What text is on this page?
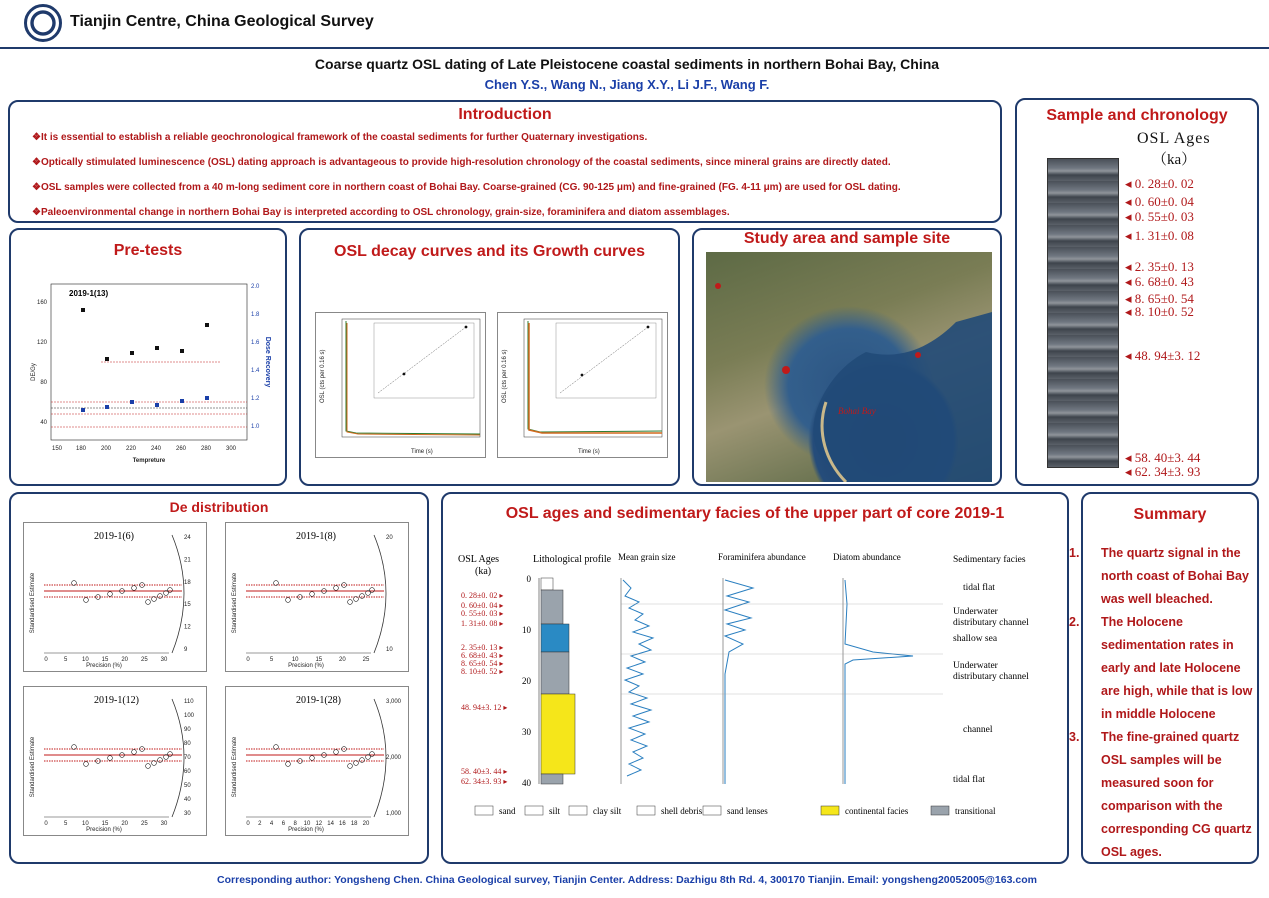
Tianjin Centre, China Geological Survey
Coarse quartz OSL dating of Late Pleistocene coastal sediments in northern Bohai Bay, China
Chen Y.S., Wang N., Jiang X.Y., Li J.F., Wang F.
Introduction
❖It is essential to establish a reliable geochronological framework of the coastal sediments for further Quaternary investigations.
❖Optically stimulated luminescence (OSL) dating approach is advantageous to provide high-resolution chronology of the coastal sediments, since mineral grains are directly dated.
❖OSL samples were collected from a 40 m-long sediment core in northern coast of Bohai Bay. Coarse-grained (CG. 90-125 μm) and fine-grained (FG. 4-11 μm) are used for OSL dating.
❖Paleoenvironmental change in northern Bohai Bay is interpreted according to OSL chronology, grain-size, foraminifera and diatom assemblages.
Sample and chronology
OSL Ages
（ka）
◂ 0. 28±0. 02
◂ 0. 60±0. 04
◂ 0. 55±0. 03
◂ 1. 31±0. 08
◂ 2. 35±0. 13
◂ 6. 68±0. 43
◂ 8. 65±0. 54
◂ 8. 10±0. 52
◂ 48. 94±3. 12
◂ 58. 40±3. 44
◂ 62. 34±3. 93
Pre-tests
DE/Gy	Dose Recovery
Tempreture
2019-1(13)
160
120
80
40
2.0
1.8
1.6
1.4
1.2
1.0
150 180 200 220 240 260 280 300
OSL decay curves and its Growth curves
Time (s)
OSL (cts per 0.16 s)
Time (s)
OSL (cts per 0.16 s)
Study area and sample site
Bohai Bay
De distribution
2019-1(6)
Standardised Estimate
Precision (%)
0	5 10 15 20 25 30
24
21
18
15
12
9
2019-1(8)
Standardised Estimate
Precision (%)
0	5	10	15	20	25
20
10
2019-1(12)
Standardised Estimate
Precision (%)
0	5 10 15 20 25 30
110
100
90
80
70
60
50
40
30
2019-1(28)
Standardised Estimate
Precision (%)
0 2 4 6 8 10 12 14 16 18 20
3,000
2,000
1,000
OSL ages and sedimentary facies of the upper part of core 2019-1
OSL Ages (ka)
Lithological profile Mean grain size	Foraminifera abundance	Diatom abundance	Sedimentary facies
0
10
20
30
40
0. 28±0. 02 ▸
0. 60±0. 04 ▸
0. 55±0. 03 ▸
1. 31±0. 08 ▸
2. 35±0. 13 ▸
6. 68±0. 43 ▸
8. 65±0. 54 ▸
8. 10±0. 52 ▸
48. 94±3. 12 ▸
58. 40±3. 44 ▸
62. 34±3. 93 ▸
tidal flat
Underwater distributary channel
shallow sea
Underwater distributary channel
channel
tidal flat
sand	silt	clay silt	shell debris	sand lenses	continental facies	transitional
Summary
1. The quartz signal in the north coast of Bohai Bay was well bleached.
2. The Holocene sedimentation rates in early and late Holocene are high, while that is low in middle Holocene
3. The fine-grained quartz OSL samples will be measured soon for comparison with the corresponding CG quartz OSL ages.
Corresponding author: Yongsheng Chen. China Geological survey, Tianjin Center. Address: Dazhigu 8th Rd. 4, 300170 Tianjin. Email: yongsheng20052005@163.com
